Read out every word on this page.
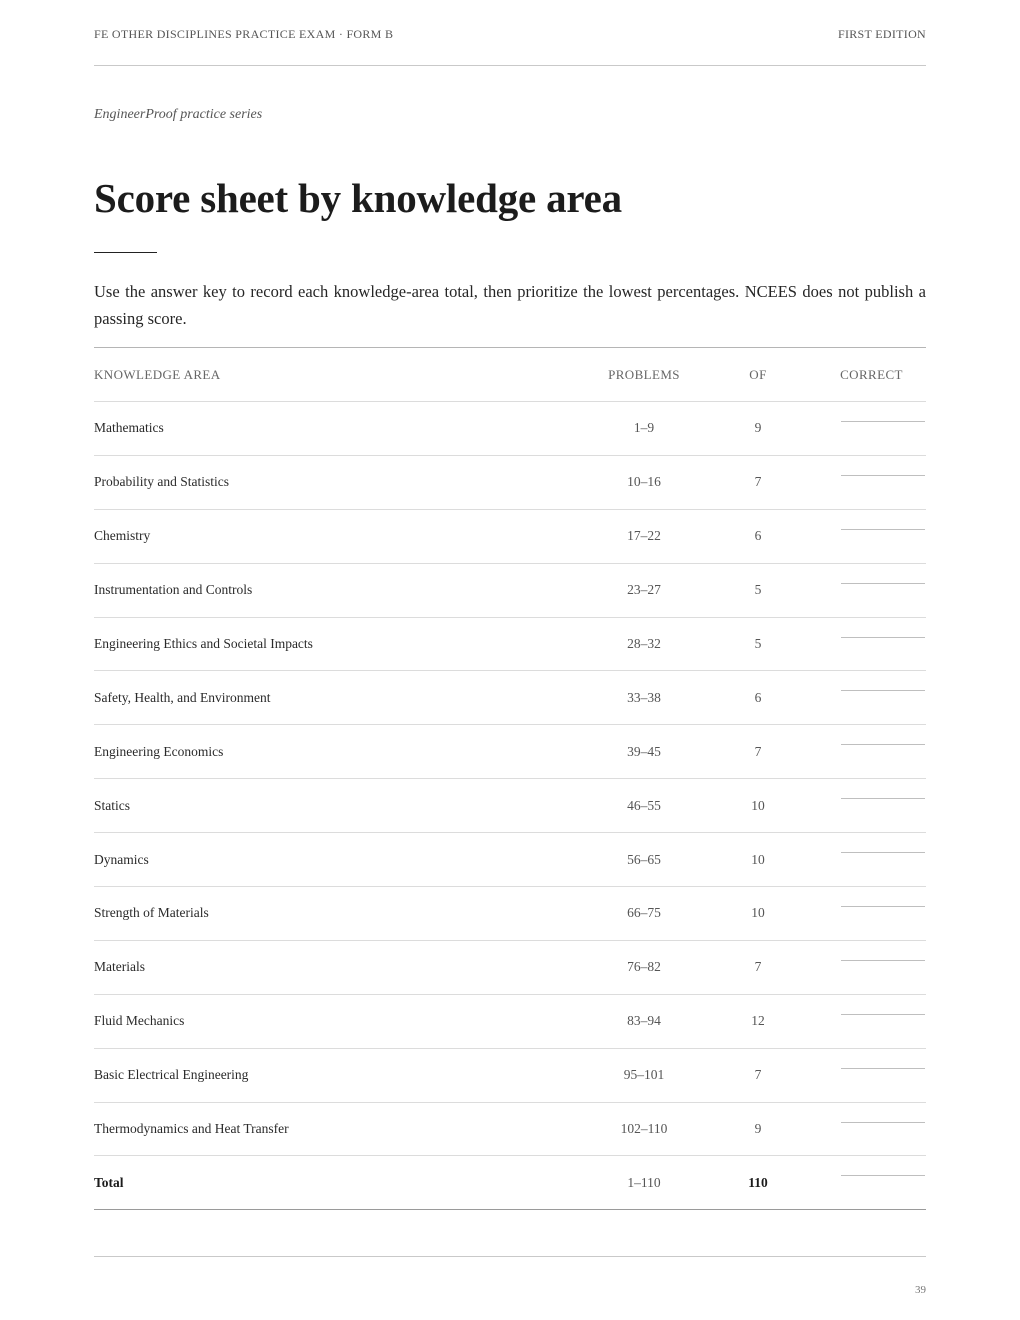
FE OTHER DISCIPLINES PRACTICE EXAM · FORM B	FIRST EDITION
EngineerProof practice series
Score sheet by knowledge area

Use the answer key to record each knowledge-area total, then prioritize the lowest percentages. NCEES does not publish a passing score.

KNOWLEDGE AREA	PROBLEMS	OF	CORRECT
Mathematics	1–9	9
Probability and Statistics	10–16	7
Chemistry	17–22	6
Instrumentation and Controls	23–27	5
Engineering Ethics and Societal Impacts	28–32	5
Safety, Health, and Environment	33–38	6
Engineering Economics	39–45	7
Statics	46–55	10
Dynamics	56–65	10
Strength of Materials	66–75	10
Materials	76–82	7
Fluid Mechanics	83–94	12
Basic Electrical Engineering	95–101	7
Thermodynamics and Heat Transfer	102–110	9
Total	1–110	110
39
